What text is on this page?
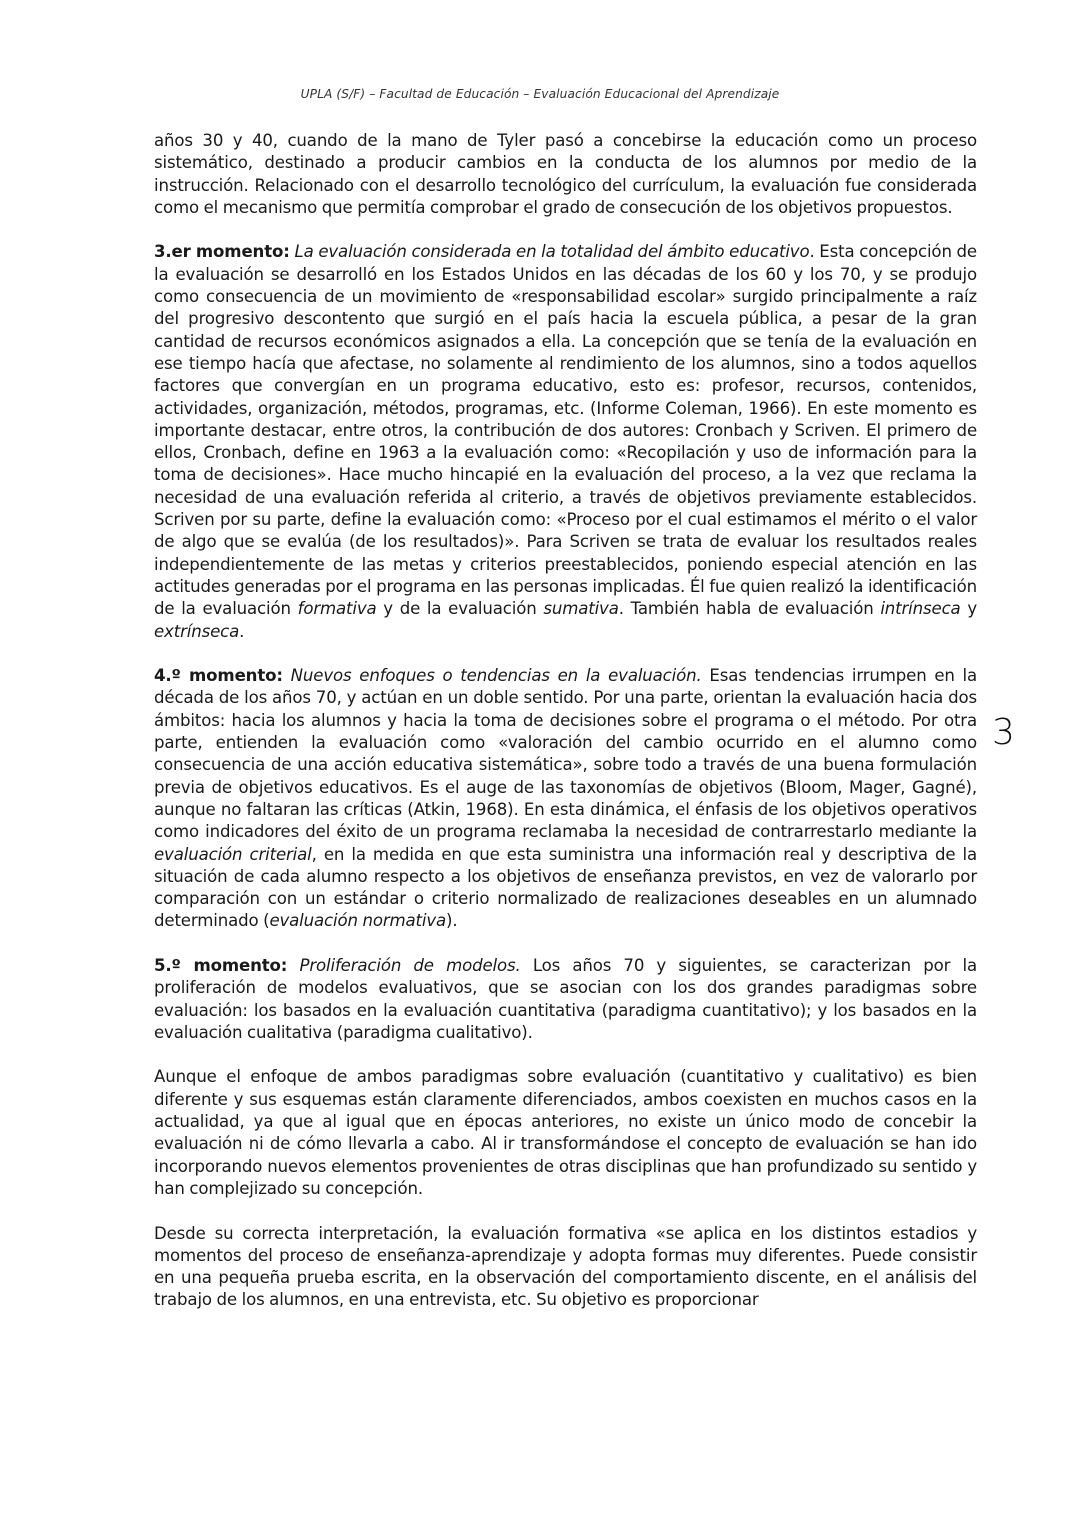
UPLA (S/F) – Facultad de Educación – Evaluación Educacional del Aprendizaje

años 30 y 40, cuando de la mano de Tyler pasó a concebirse la educación como un proceso sistemático, destinado a producir cambios en la conducta de los alumnos por medio de la instrucción. Relacionado con el desarrollo tecnológico del currículum, la evaluación fue considerada como el mecanismo que permitía comprobar el grado de consecución de los objetivos propuestos.

3.er momento: La evaluación considerada en la totalidad del ámbito educativo. Esta concepción de la evaluación se desarrolló en los Estados Unidos en las décadas de los 60 y los 70, y se produjo como consecuencia de un movimiento de «responsabilidad escolar» surgido principalmente a raíz del progresivo descontento que surgió en el país hacia la escuela pública, a pesar de la gran cantidad de recursos económicos asignados a ella. La concepción que se tenía de la evaluación en ese tiempo hacía que afectase, no solamente al rendimiento de los alumnos, sino a todos aquellos factores que convergían en un programa educativo, esto es: profesor, recursos, contenidos, actividades, organización, métodos, programas, etc. (Informe Coleman, 1966). En este momento es importante destacar, entre otros, la contribución de dos autores: Cronbach y Scriven. El primero de ellos, Cronbach, define en 1963 a la evaluación como: «Recopilación y uso de información para la toma de decisiones». Hace mucho hincapié en la evaluación del proceso, a la vez que reclama la necesidad de una evaluación referida al criterio, a través de objetivos previamente establecidos. Scriven por su parte, define la evaluación como: «Proceso por el cual estimamos el mérito o el valor de algo que se evalúa (de los resultados)». Para Scriven se trata de evaluar los resultados reales independientemente de las metas y criterios preestablecidos, poniendo especial atención en las actitudes generadas por el programa en las personas implicadas. Él fue quien realizó la identificación de la evaluación formativa y de la evaluación sumativa. También habla de evaluación intrínseca y extrínseca.

4.º momento: Nuevos enfoques o tendencias en la evaluación. Esas tendencias irrumpen en la década de los años 70, y actúan en un doble sentido. Por una parte, orientan la evaluación hacia dos ámbitos: hacia los alumnos y hacia la toma de decisiones sobre el programa o el método. Por otra parte, entienden la evaluación como «valoración del cambio ocurrido en el alumno como consecuencia de una acción educativa sistemática», sobre todo a través de una buena formulación previa de objetivos educativos. Es el auge de las taxonomías de objetivos (Bloom, Mager, Gagné), aunque no faltaran las críticas (Atkin, 1968). En esta dinámica, el énfasis de los objetivos operativos como indicadores del éxito de un programa reclamaba la necesidad de contrarrestarlo mediante la evaluación criterial, en la medida en que esta suministra una información real y descriptiva de la situación de cada alumno respecto a los objetivos de enseñanza previstos, en vez de valorarlo por comparación con un estándar o criterio normalizado de realizaciones deseables en un alumnado determinado (evaluación normativa).

5.º momento: Proliferación de modelos. Los años 70 y siguientes, se caracterizan por la proliferación de modelos evaluativos, que se asocian con los dos grandes paradigmas sobre evaluación: los basados en la evaluación cuantitativa (paradigma cuantitativo); y los basados en la evaluación cualitativa (paradigma cualitativo).

Aunque el enfoque de ambos paradigmas sobre evaluación (cuantitativo y cualitativo) es bien diferente y sus esquemas están claramente diferenciados, ambos coexisten en muchos casos en la actualidad, ya que al igual que en épocas anteriores, no existe un único modo de concebir la evaluación ni de cómo llevarla a cabo. Al ir transformándose el concepto de evaluación se han ido incorporando nuevos elementos provenientes de otras disciplinas que han profundizado su sentido y han complejizado su concepción.

Desde su correcta interpretación, la evaluación formativa «se aplica en los distintos estadios y momentos del proceso de enseñanza-aprendizaje y adopta formas muy diferentes. Puede consistir en una pequeña prueba escrita, en la observación del comportamiento discente, en el análisis del trabajo de los alumnos, en una entrevista, etc. Su objetivo es proporcionar

3
